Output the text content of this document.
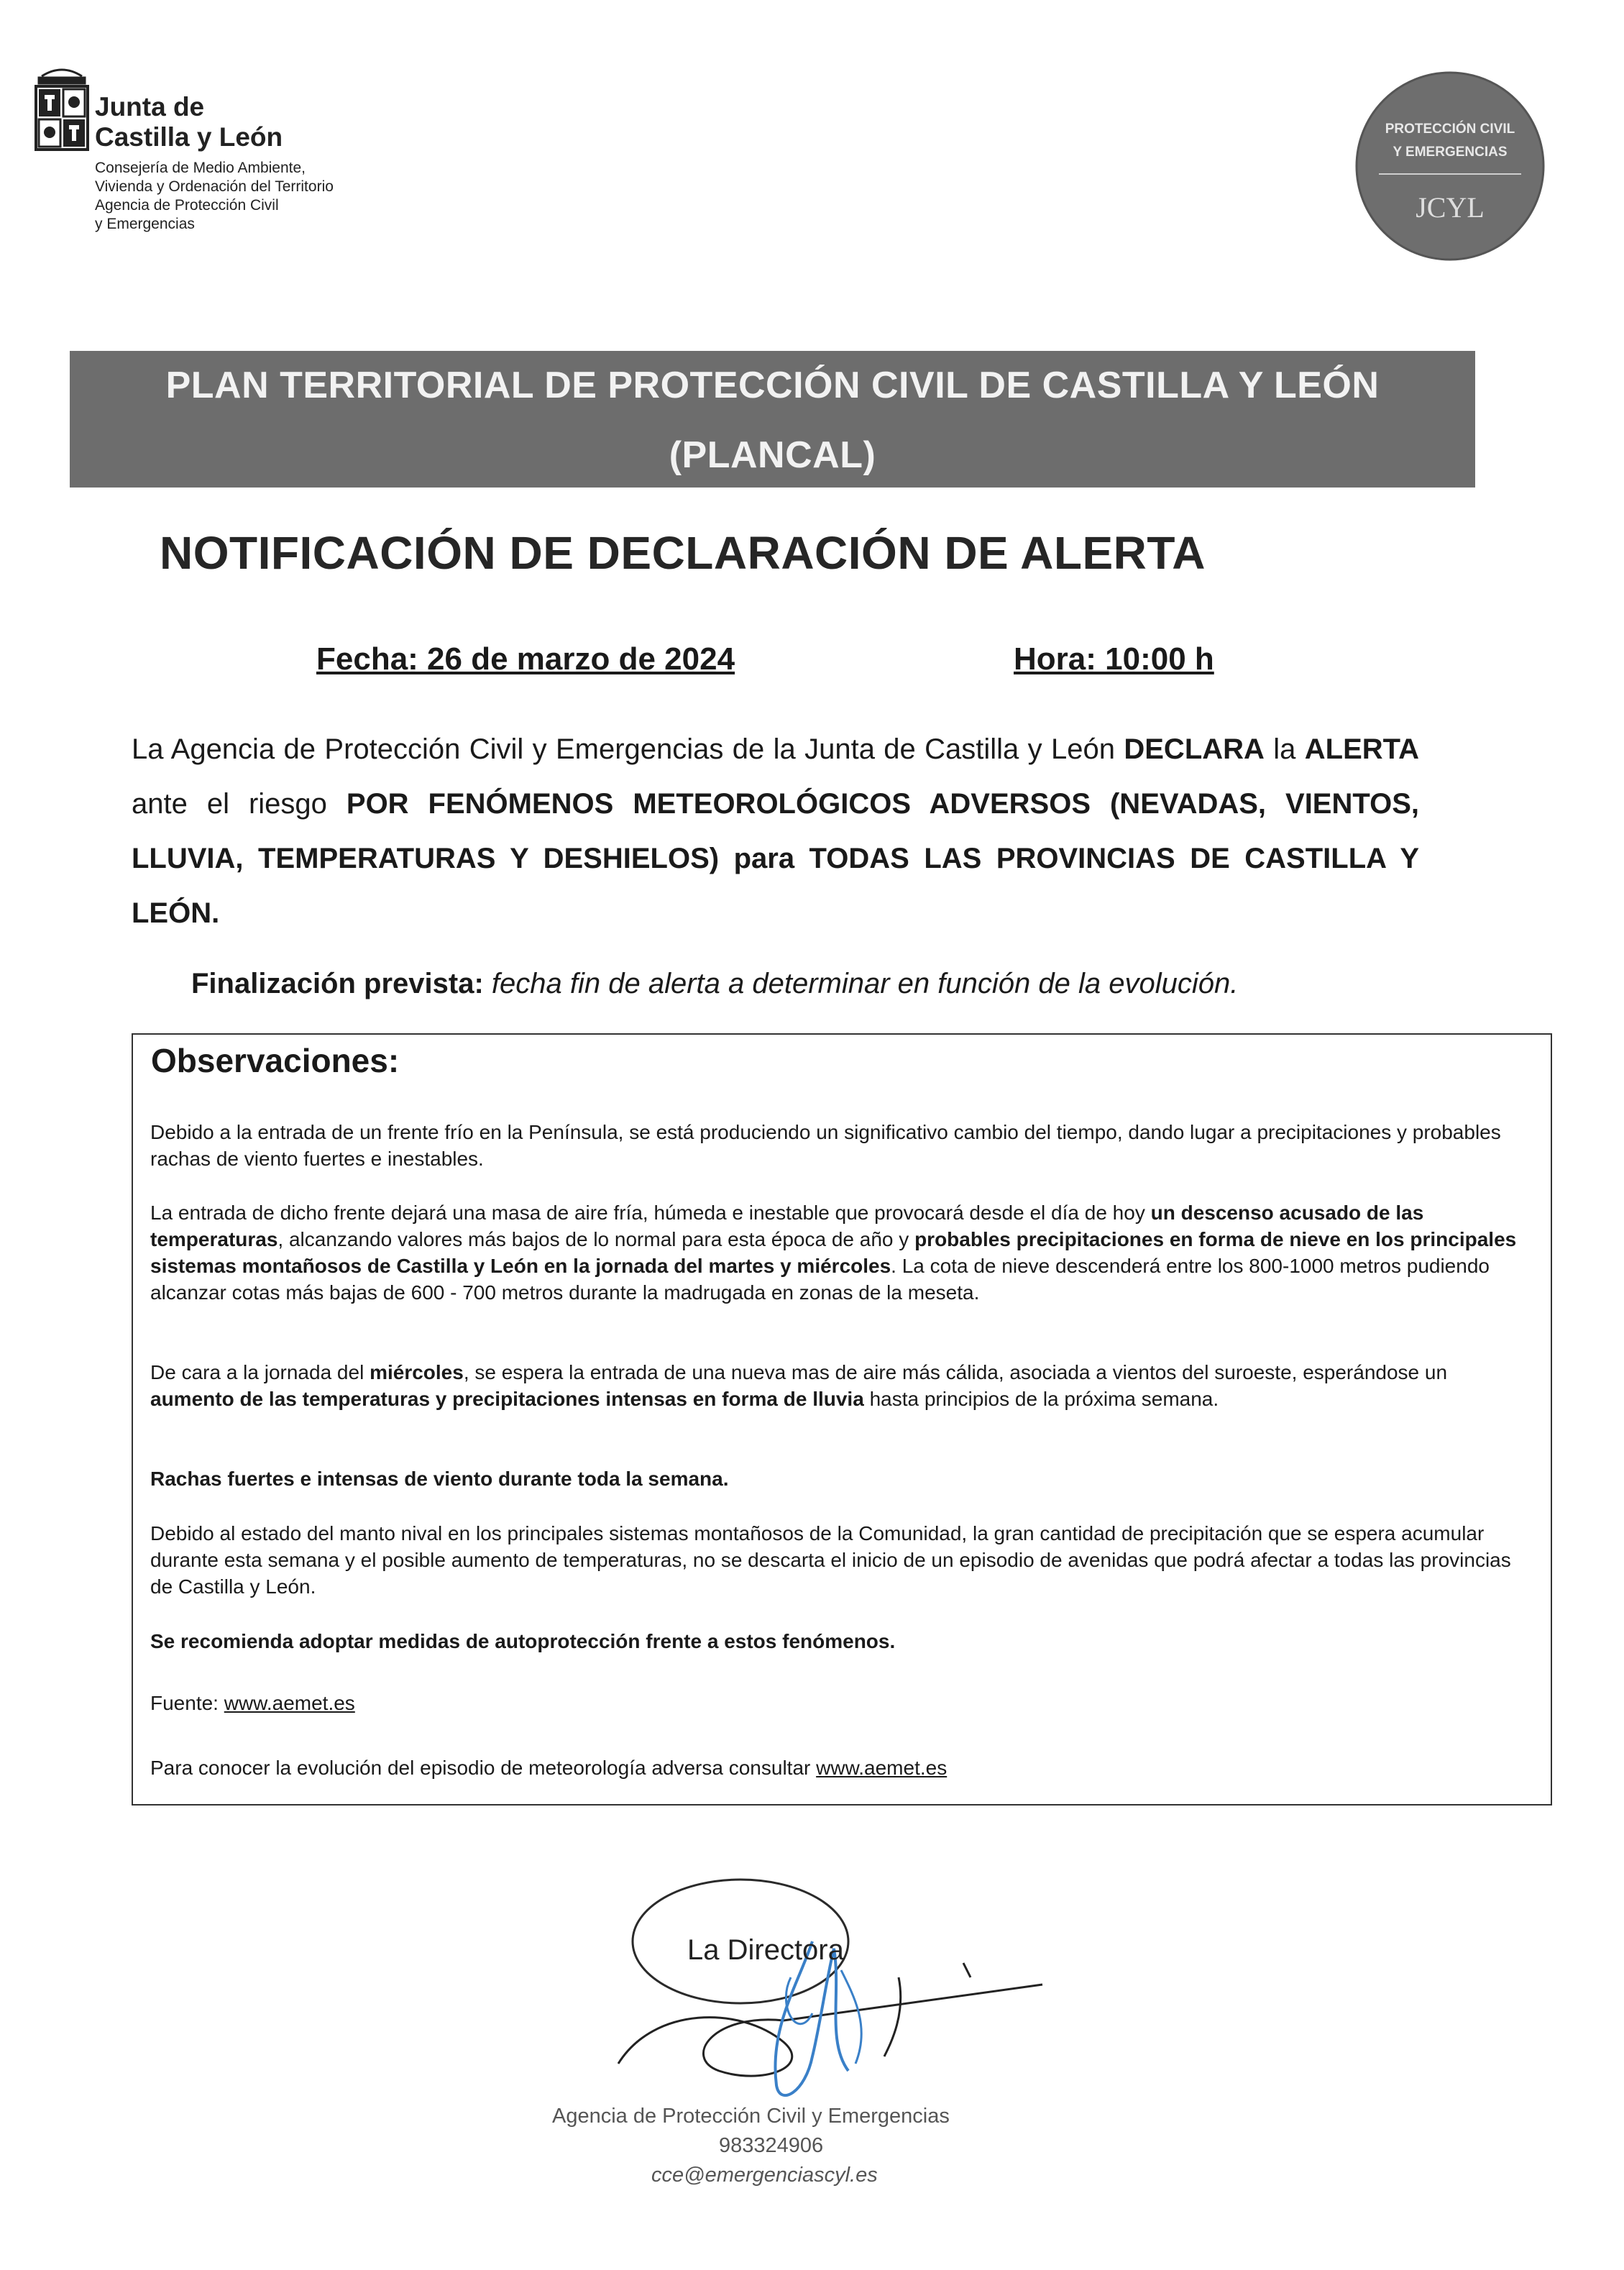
Junta de
Castilla y León
Consejería de Medio Ambiente,
Vivienda y Ordenación del Territorio
Agencia de Protección Civil
y Emergencias
PROTECCIÓN CIVIL
Y EMERGENCIAS
JCYL
PLAN TERRITORIAL DE PROTECCIÓN CIVIL DE CASTILLA Y LEÓN
(PLANCAL)
NOTIFICACIÓN DE DECLARACIÓN DE ALERTA
Fecha: 26 de marzo de 2024	Hora: 10:00 h
La Agencia de Protección Civil y Emergencias de la Junta de Castilla y León DECLARA la ALERTA ante el riesgo POR FENÓMENOS METEOROLÓGICOS ADVERSOS (NEVADAS, VIENTOS, LLUVIA, TEMPERATURAS Y DESHIELOS) para TODAS LAS PROVINCIAS DE CASTILLA Y LEÓN.
Finalización prevista: fecha fin de alerta a determinar en función de la evolución.
Observaciones:
Debido a la entrada de un frente frío en la Península, se está produciendo un significativo cambio del tiempo, dando lugar a precipitaciones y probables rachas de viento fuertes e inestables.
La entrada de dicho frente dejará una masa de aire fría, húmeda e inestable que provocará desde el día de hoy un descenso acusado de las temperaturas, alcanzando valores más bajos de lo normal para esta época de año y probables precipitaciones en forma de nieve en los principales sistemas montañosos de Castilla y León en la jornada del martes y miércoles. La cota de nieve descenderá entre los 800-1000 metros pudiendo alcanzar cotas más bajas de 600 - 700 metros durante la madrugada en zonas de la meseta.
De cara a la jornada del miércoles, se espera la entrada de una nueva mas de aire más cálida, asociada a vientos del suroeste, esperándose un aumento de las temperaturas y precipitaciones intensas en forma de lluvia hasta principios de la próxima semana.
Rachas fuertes e intensas de viento durante toda la semana.
Debido al estado del manto nival en los principales sistemas montañosos de la Comunidad, la gran cantidad de precipitación que se espera acumular durante esta semana y el posible aumento de temperaturas, no se descarta el inicio de un episodio de avenidas que podrá afectar a todas las provincias de Castilla y León.
Se recomienda adoptar medidas de autoprotección frente a estos fenómenos.
Fuente: www.aemet.es
Para conocer la evolución del episodio de meteorología adversa consultar www.aemet.es
La Directora
Agencia de Protección Civil y Emergencias
983324906
cce@emergenciascyl.es
